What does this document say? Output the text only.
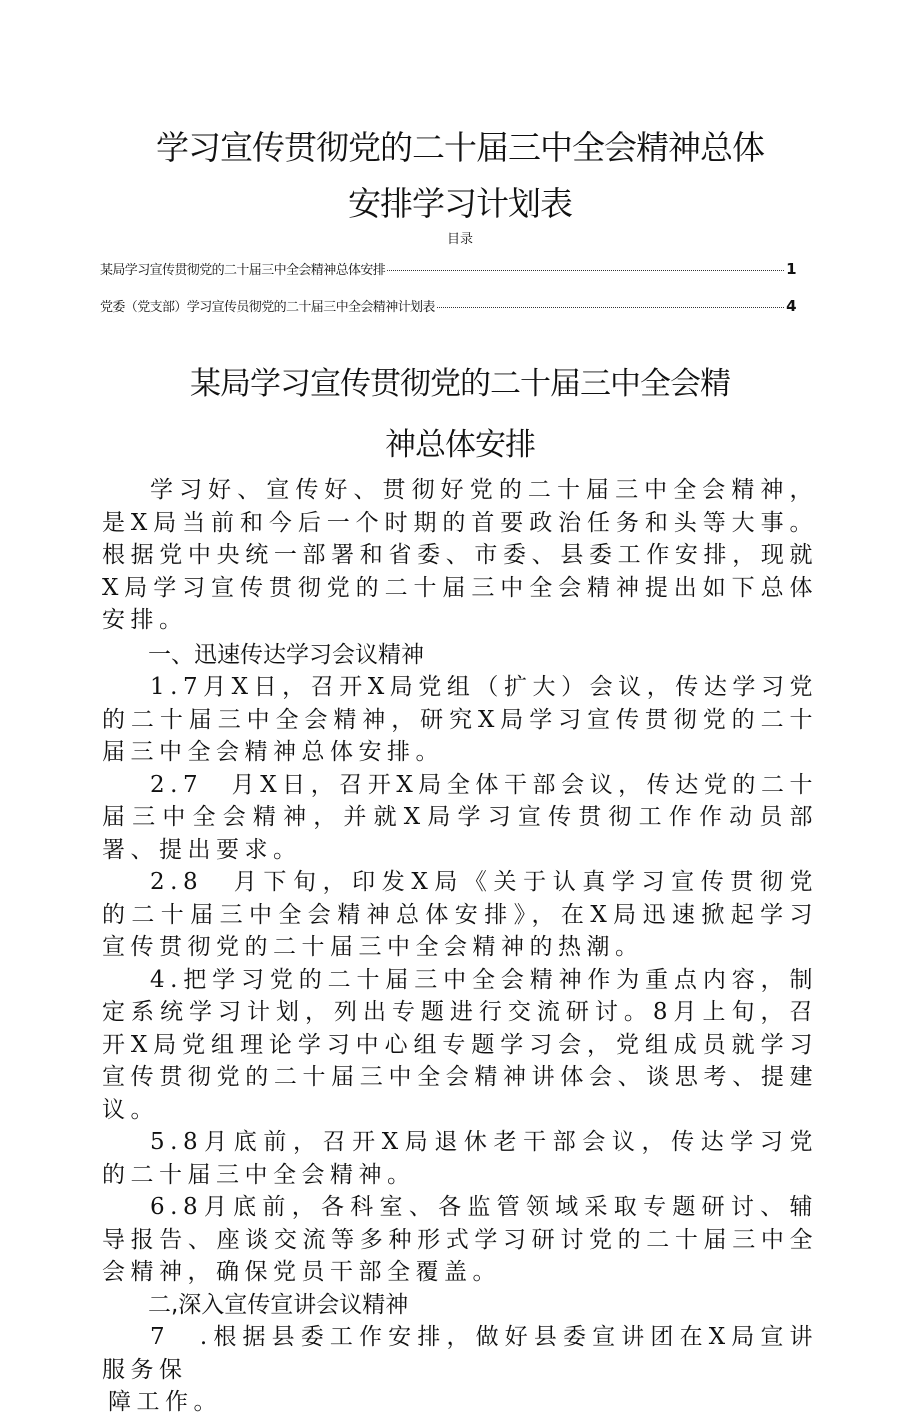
学习宣传贯彻党的二十届三中全会精神总体
安排学习计划表
目录
某局学习宣传贯彻党的二十届三中全会精神总体安排	1
党委（党支部）学习宣传员彻党的二十届三中全会精神计划表	4
某局学习宣传贯彻党的二十届三中全会精
神总体安排

学习好、宣传好、贯彻好党的二十届三中全会精神，是X局当前和今后一个时期的首要政治任务和头等大事。根据党中央统一部署和省委、市委、县委工作安排，现就X局学习宣传贯彻党的二十届三中全会精神提出如下总体安排。

一、迅速传达学习会议精神

1.7月X日，召开X局党组（扩大）会议，传达学习党的二十届三中全会精神，研究X局学习宣传贯彻党的二十届三中全会精神总体安排。

2.7　月X日，召开X局全体干部会议，传达党的二十届三中全会精神，并就X局学习宣传贯彻工作作动员部署、提出要求。

2.8　月下旬，印发X局《关于认真学习宣传贯彻党的二十届三中全会精神总体安排》，在X局迅速掀起学习宣传贯彻党的二十届三中全会精神的热潮。

4.把学习党的二十届三中全会精神作为重点内容，制定系统学习计划，列出专题进行交流研讨。8月上旬，召开X局党组理论学习中心组专题学习会，党组成员就学习宣传贯彻党的二十届三中全会精神讲体会、谈思考、提建议。

5.8月底前，召开X局退休老干部会议，传达学习党的二十届三中全会精神。

6.8月底前，各科室、各监管领域采取专题研讨、辅导报告、座谈交流等多种形式学习研讨党的二十届三中全会精神，确保党员干部全覆盖。

二,深入宣传宣讲会议精神

7　.根据县委工作安排，做好县委宣讲团在X局宣讲服务保

障工作。
